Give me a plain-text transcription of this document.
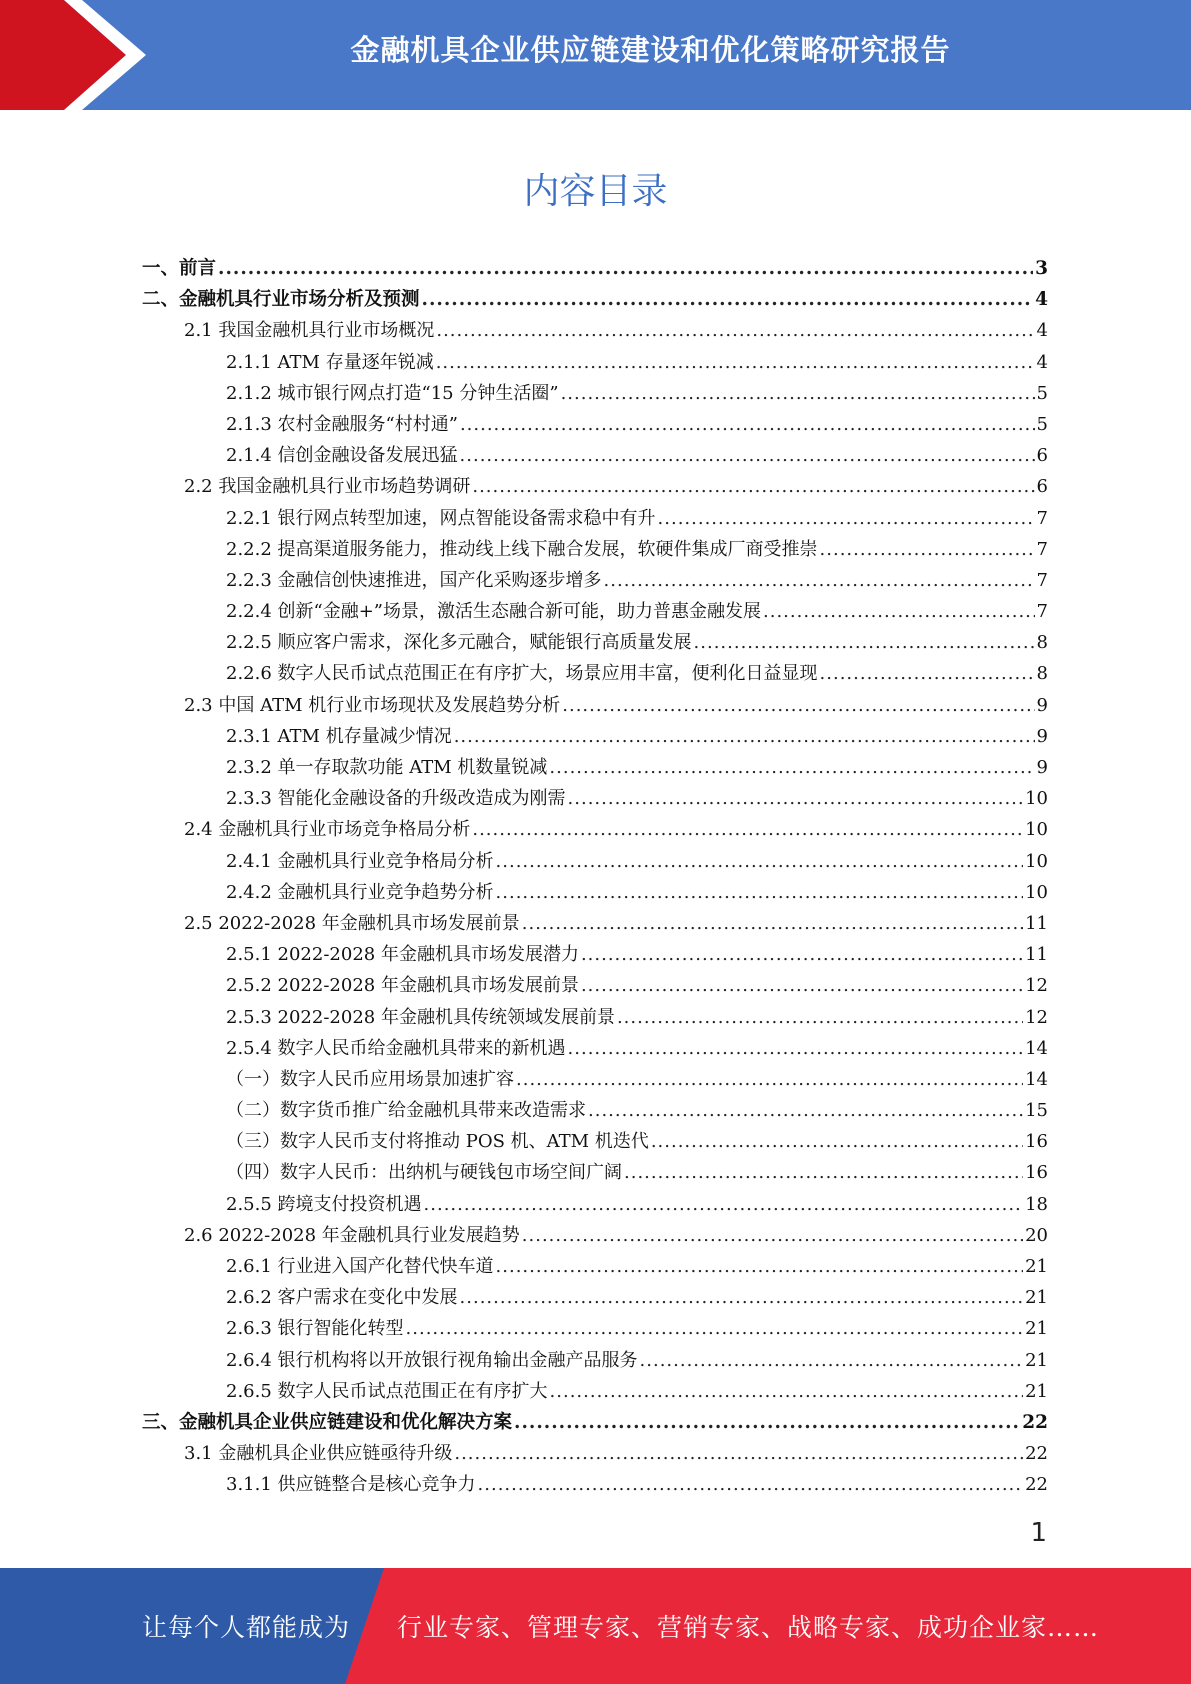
金融机具企业供应链建设和优化策略研究报告
内容目录
一、前言 .....	3
二、金融机具行业市场分析及预测 .....	4
2.1 我国金融机具行业市场概况 .....	4
2.1.1 ATM 存量逐年锐减 .....	4
2.1.2 城市银行网点打造“15 分钟生活圈” .....	5
2.1.3 农村金融服务“村村通” .....	5
2.1.4 信创金融设备发展迅猛 .....	6
2.2 我国金融机具行业市场趋势调研 .....	6
2.2.1 银行网点转型加速，网点智能设备需求稳中有升 .....	7
2.2.2 提高渠道服务能力，推动线上线下融合发展，软硬件集成厂商受推崇 .....	7
2.2.3 金融信创快速推进，国产化采购逐步增多 .....	7
2.2.4 创新“金融+”场景，激活生态融合新可能，助力普惠金融发展 .....	7
2.2.5 顺应客户需求，深化多元融合，赋能银行高质量发展 .....	8
2.2.6 数字人民币试点范围正在有序扩大，场景应用丰富，便利化日益显现 .....	8
2.3 中国 ATM 机行业市场现状及发展趋势分析 .....	9
2.3.1 ATM 机存量减少情况 .....	9
2.3.2 单一存取款功能 ATM 机数量锐减 .....	9
2.3.3 智能化金融设备的升级改造成为刚需 .....	10
2.4 金融机具行业市场竞争格局分析 .....	10
2.4.1 金融机具行业竞争格局分析 .....	10
2.4.2 金融机具行业竞争趋势分析 .....	10
2.5 2022-2028 年金融机具市场发展前景 .....	11
2.5.1 2022-2028 年金融机具市场发展潜力 .....	11
2.5.2 2022-2028 年金融机具市场发展前景 .....	12
2.5.3 2022-2028 年金融机具传统领域发展前景 .....	12
2.5.4 数字人民币给金融机具带来的新机遇 .....	14
（一）数字人民币应用场景加速扩容 .....	14
（二）数字货币推广给金融机具带来改造需求 .....	15
（三）数字人民币支付将推动 POS 机、ATM 机迭代 .....	16
（四）数字人民币：出纳机与硬钱包市场空间广阔 .....	16
2.5.5 跨境支付投资机遇 .....	18
2.6 2022-2028 年金融机具行业发展趋势 .....	20
2.6.1 行业进入国产化替代快车道 .....	21
2.6.2 客户需求在变化中发展 .....	21
2.6.3 银行智能化转型 .....	21
2.6.4 银行机构将以开放银行视角输出金融产品服务 .....	21
2.6.5 数字人民币试点范围正在有序扩大 .....	21
三、金融机具企业供应链建设和优化解决方案 .....	22
3.1 金融机具企业供应链亟待升级 .....	22
3.1.1 供应链整合是核心竞争力 .....	22
1
让每个人都能成为 行业专家、管理专家、营销专家、战略专家、成功企业家……
